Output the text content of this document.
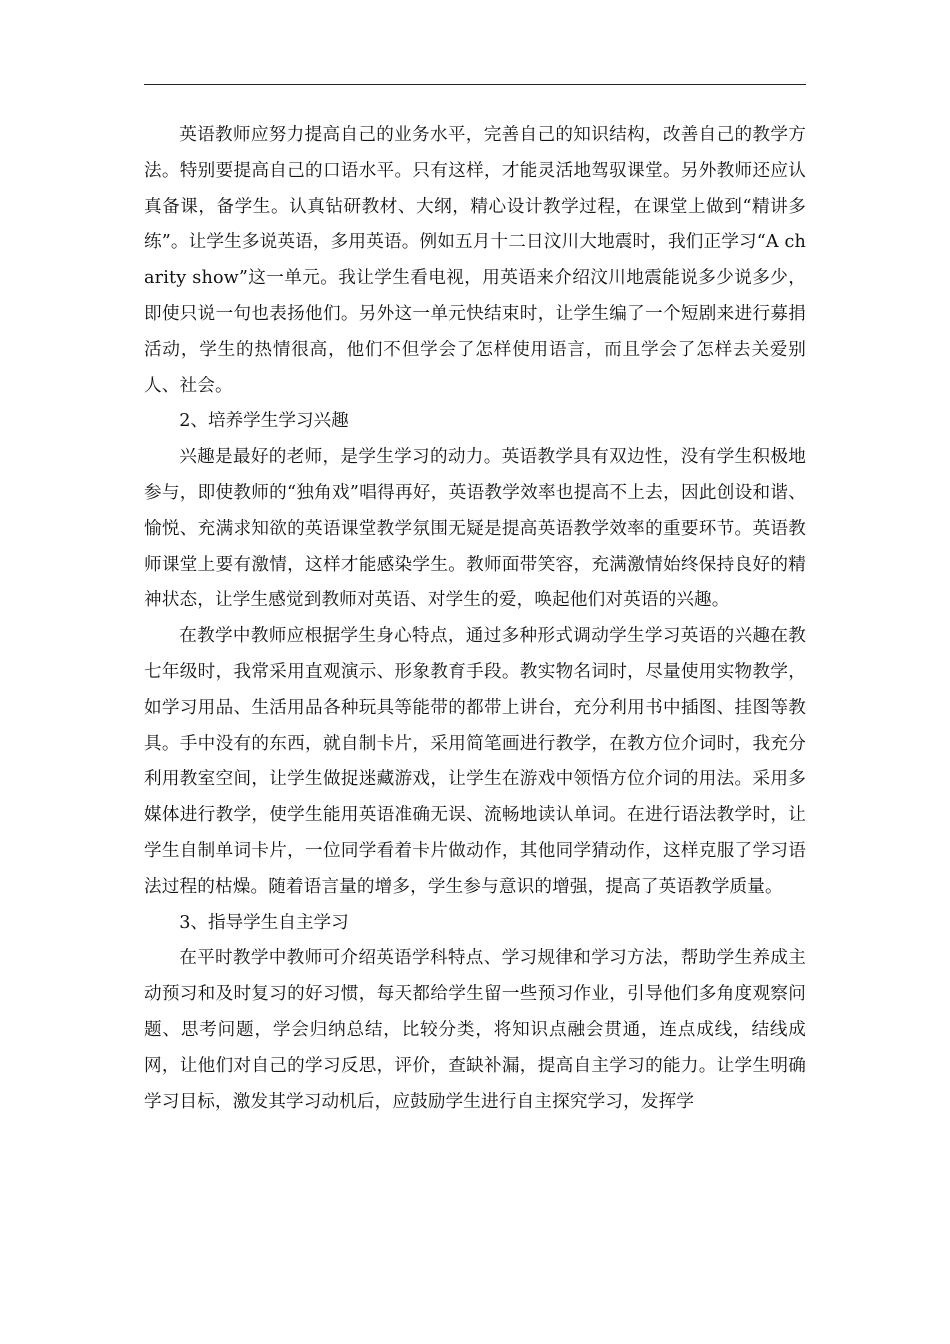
英语教师应努力提高自己的业务水平，完善自己的知识结构，改善自己的教学方法。特别要提高自己的口语水平。只有这样，才能灵活地驾驭课堂。另外教师还应认真备课，备学生。认真钻研教材、大纲，精心设计教学过程，在课堂上做到“精讲多练”。让学生多说英语，多用英语。例如五月十二日汶川大地震时，我们正学习“A charity show”这一单元。我让学生看电视，用英语来介绍汶川地震能说多少说多少，即使只说一句也表扬他们。另外这一单元快结束时，让学生编了一个短剧来进行募捐活动，学生的热情很高，他们不但学会了怎样使用语言，而且学会了怎样去关爱别人、社会。

2、培养学生学习兴趣

兴趣是最好的老师，是学生学习的动力。英语教学具有双边性，没有学生积极地参与，即使教师的“独角戏”唱得再好，英语教学效率也提高不上去，因此创设和谐、愉悦、充满求知欲的英语课堂教学氛围无疑是提高英语教学效率的重要环节。英语教师课堂上要有激情，这样才能感染学生。教师面带笑容，充满激情始终保持良好的精神状态，让学生感觉到教师对英语、对学生的爱，唤起他们对英语的兴趣。

在教学中教师应根据学生身心特点，通过多种形式调动学生学习英语的兴趣在教七年级时，我常采用直观演示、形象教育手段。教实物名词时，尽量使用实物教学，如学习用品、生活用品各种玩具等能带的都带上讲台，充分利用书中插图、挂图等教具。手中没有的东西，就自制卡片，采用简笔画进行教学，在教方位介词时，我充分利用教室空间，让学生做捉迷藏游戏，让学生在游戏中领悟方位介词的用法。采用多媒体进行教学，使学生能用英语准确无误、流畅地读认单词。在进行语法教学时，让学生自制单词卡片，一位同学看着卡片做动作，其他同学猜动作，这样克服了学习语法过程的枯燥。随着语言量的增多，学生参与意识的增强，提高了英语教学质量。

3、指导学生自主学习

在平时教学中教师可介绍英语学科特点、学习规律和学习方法，帮助学生养成主动预习和及时复习的好习惯，每天都给学生留一些预习作业，引导他们多角度观察问题、思考问题，学会归纳总结，比较分类，将知识点融会贯通，连点成线，结线成网，让他们对自己的学习反思，评价，查缺补漏，提高自主学习的能力。让学生明确学习目标，激发其学习动机后，应鼓励学生进行自主探究学习，发挥学
